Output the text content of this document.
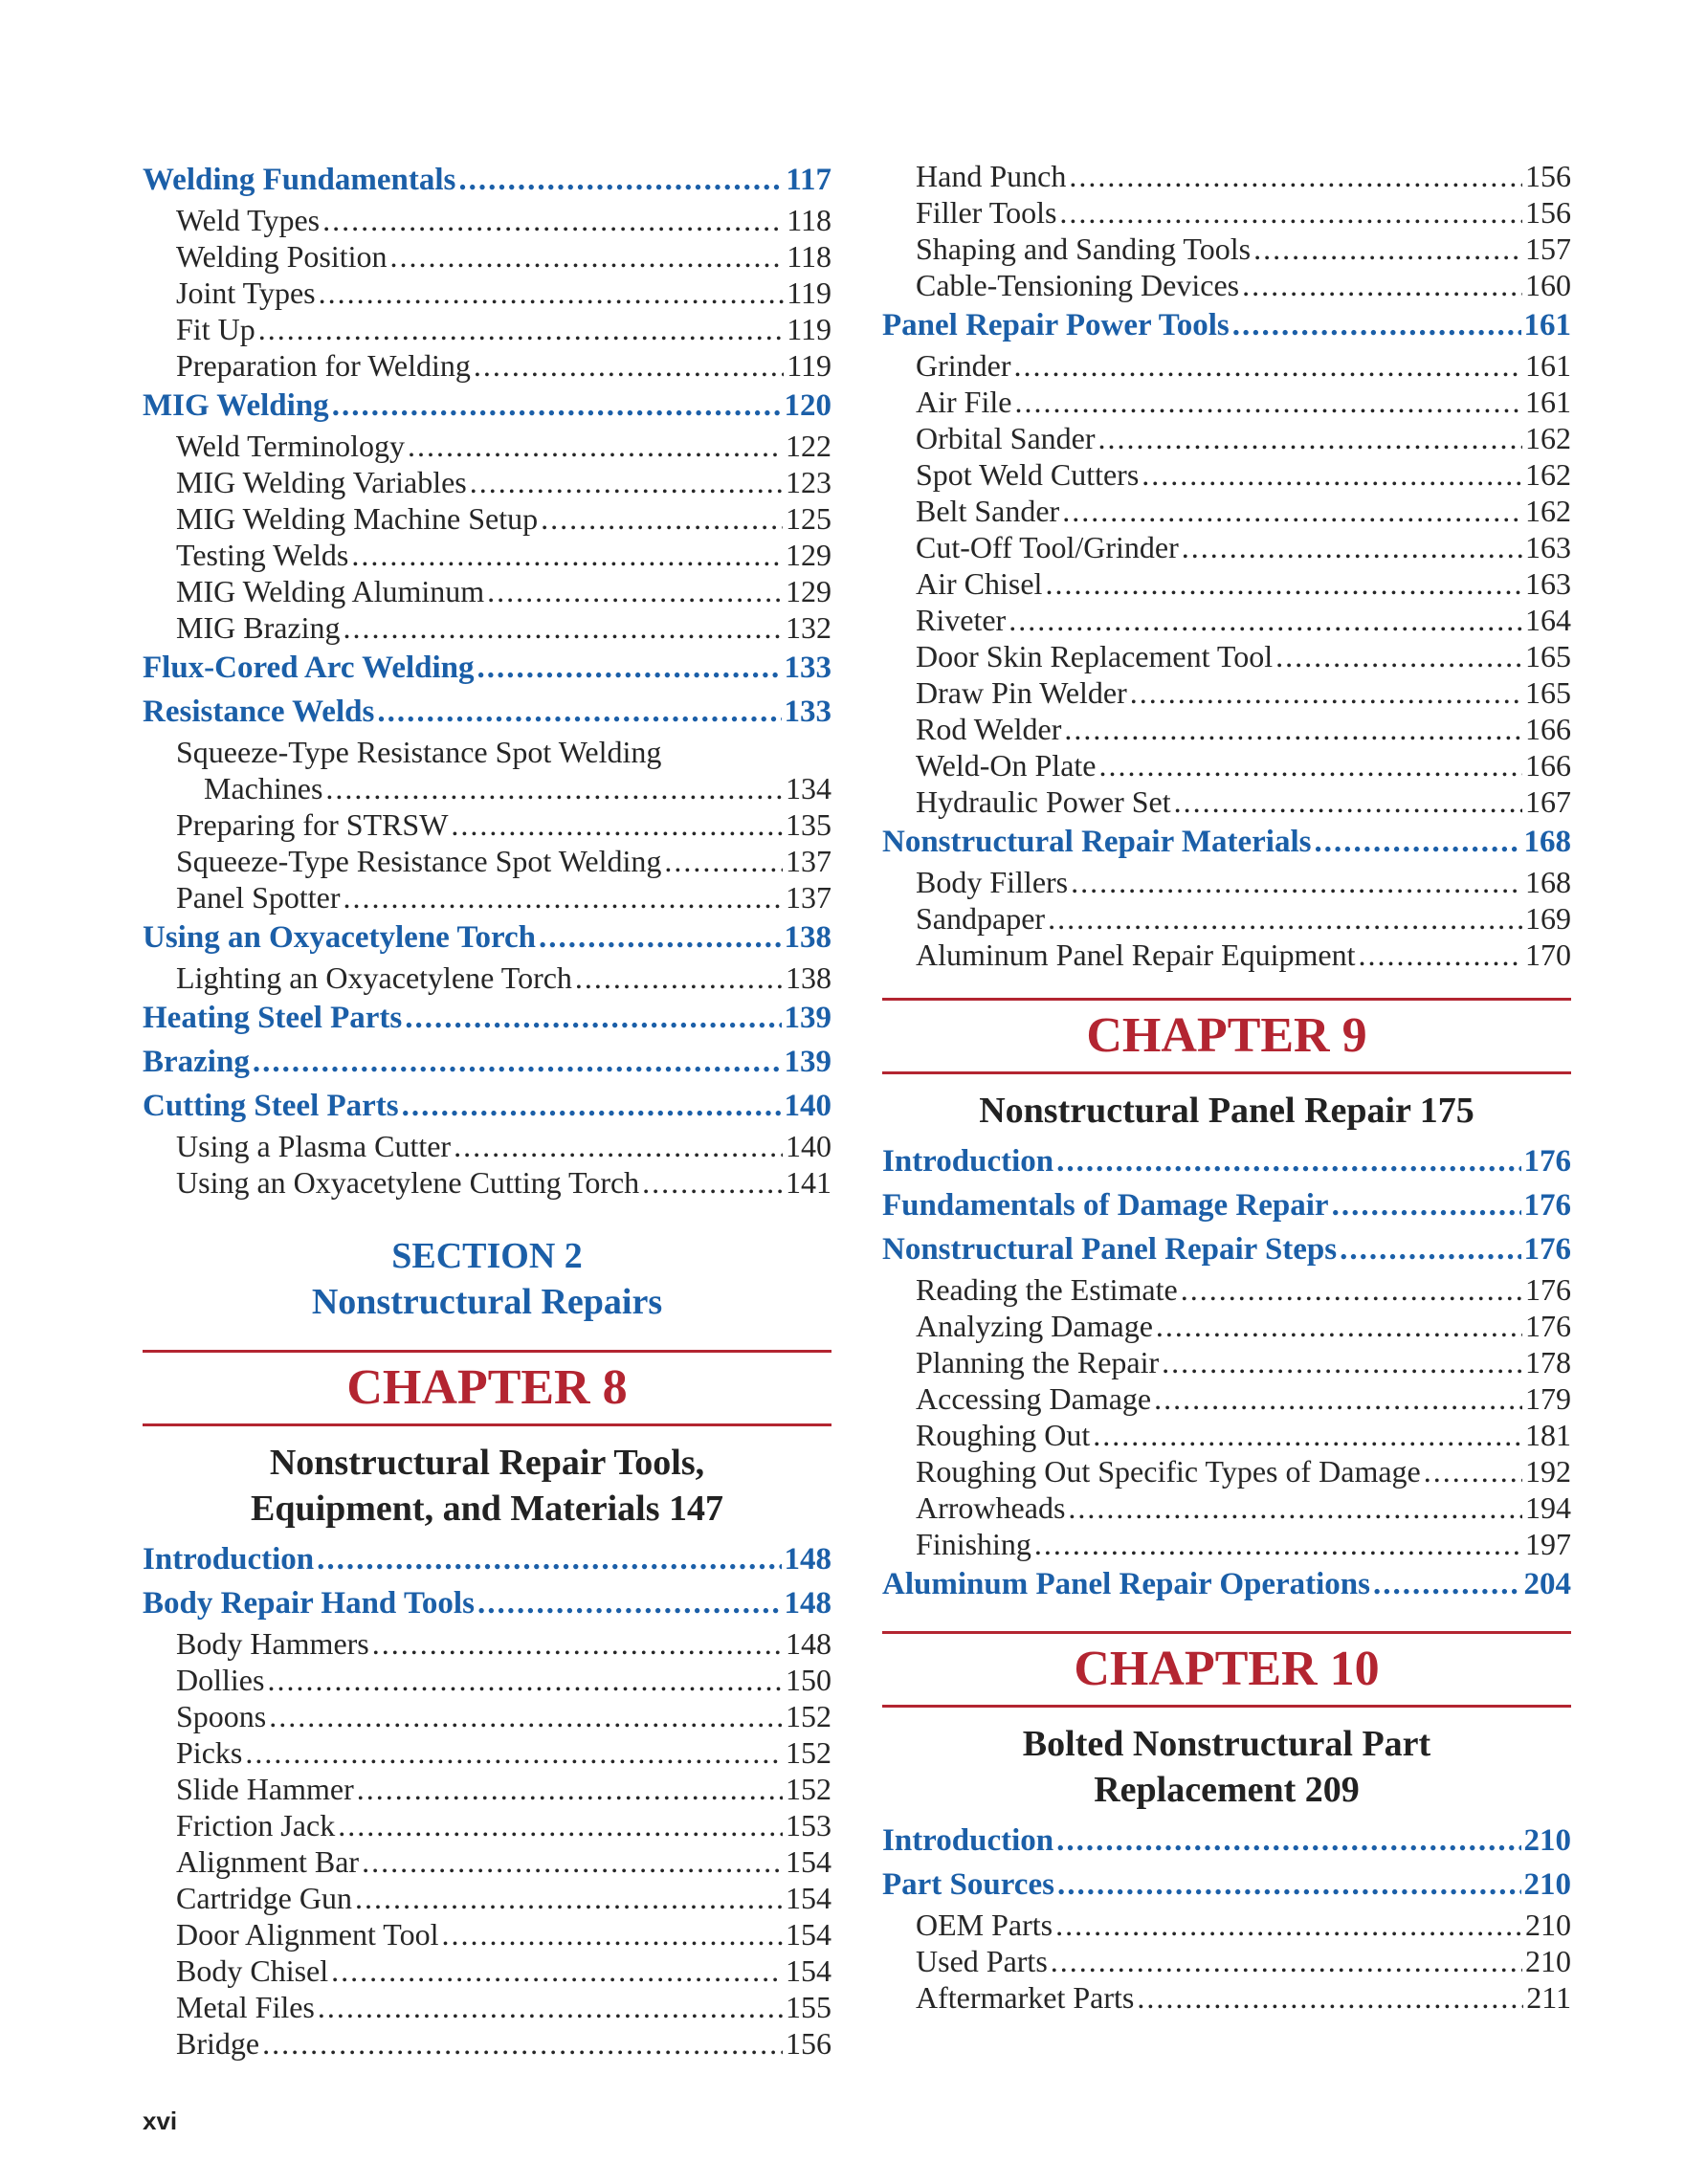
Welding Fundamentals .....	117
Weld Types .....	118
Welding Position .....	118
Joint Types .....	119
Fit Up .....	119
Preparation for Welding .....	119
MIG Welding .....	120
Weld Terminology .....	122
MIG Welding Variables .....	123
MIG Welding Machine Setup .....	125
Testing Welds .....	129
MIG Welding Aluminum .....	129
MIG Brazing .....	132
Flux-Cored Arc Welding .....	133
Resistance Welds .....	133
Squeeze-Type Resistance Spot Welding
Machines .....	134
Preparing for STRSW .....	135
Squeeze-Type Resistance Spot Welding .....	137
Panel Spotter .....	137
Using an Oxyacetylene Torch .....	138
Lighting an Oxyacetylene Torch .....	138
Heating Steel Parts .....	139
Brazing .....	139
Cutting Steel Parts .....	140
Using a Plasma Cutter .....	140
Using an Oxyacetylene Cutting Torch .....	141
SECTION 2
Nonstructural Repairs
CHAPTER 8
Nonstructural Repair Tools,
Equipment, and Materials 147
Introduction .....	148
Body Repair Hand Tools .....	148
Body Hammers .....	148
Dollies .....	150
Spoons .....	152
Picks .....	152
Slide Hammer .....	152
Friction Jack .....	153
Alignment Bar .....	154
Cartridge Gun .....	154
Door Alignment Tool .....	154
Body Chisel .....	154
Metal Files .....	155
Bridge .....	156
Hand Punch .....	156
Filler Tools .....	156
Shaping and Sanding Tools .....	157
Cable-Tensioning Devices .....	160
Panel Repair Power Tools .....	161
Grinder .....	161
Air File .....	161
Orbital Sander .....	162
Spot Weld Cutters .....	162
Belt Sander .....	162
Cut-Off Tool/Grinder .....	163
Air Chisel .....	163
Riveter .....	164
Door Skin Replacement Tool .....	165
Draw Pin Welder .....	165
Rod Welder .....	166
Weld-On Plate .....	166
Hydraulic Power Set .....	167
Nonstructural Repair Materials .....	168
Body Fillers .....	168
Sandpaper .....	169
Aluminum Panel Repair Equipment .....	170
CHAPTER 9
Nonstructural Panel Repair 175
Introduction .....	176
Fundamentals of Damage Repair .....	176
Nonstructural Panel Repair Steps .....	176
Reading the Estimate .....	176
Analyzing Damage .....	176
Planning the Repair .....	178
Accessing Damage .....	179
Roughing Out .....	181
Roughing Out Specific Types of Damage .....	192
Arrowheads .....	194
Finishing .....	197
Aluminum Panel Repair Operations .....	204
CHAPTER 10
Bolted Nonstructural Part
Replacement 209
Introduction .....	210
Part Sources .....	210
OEM Parts .....	210
Used Parts .....	210
Aftermarket Parts .....	211
xvi
